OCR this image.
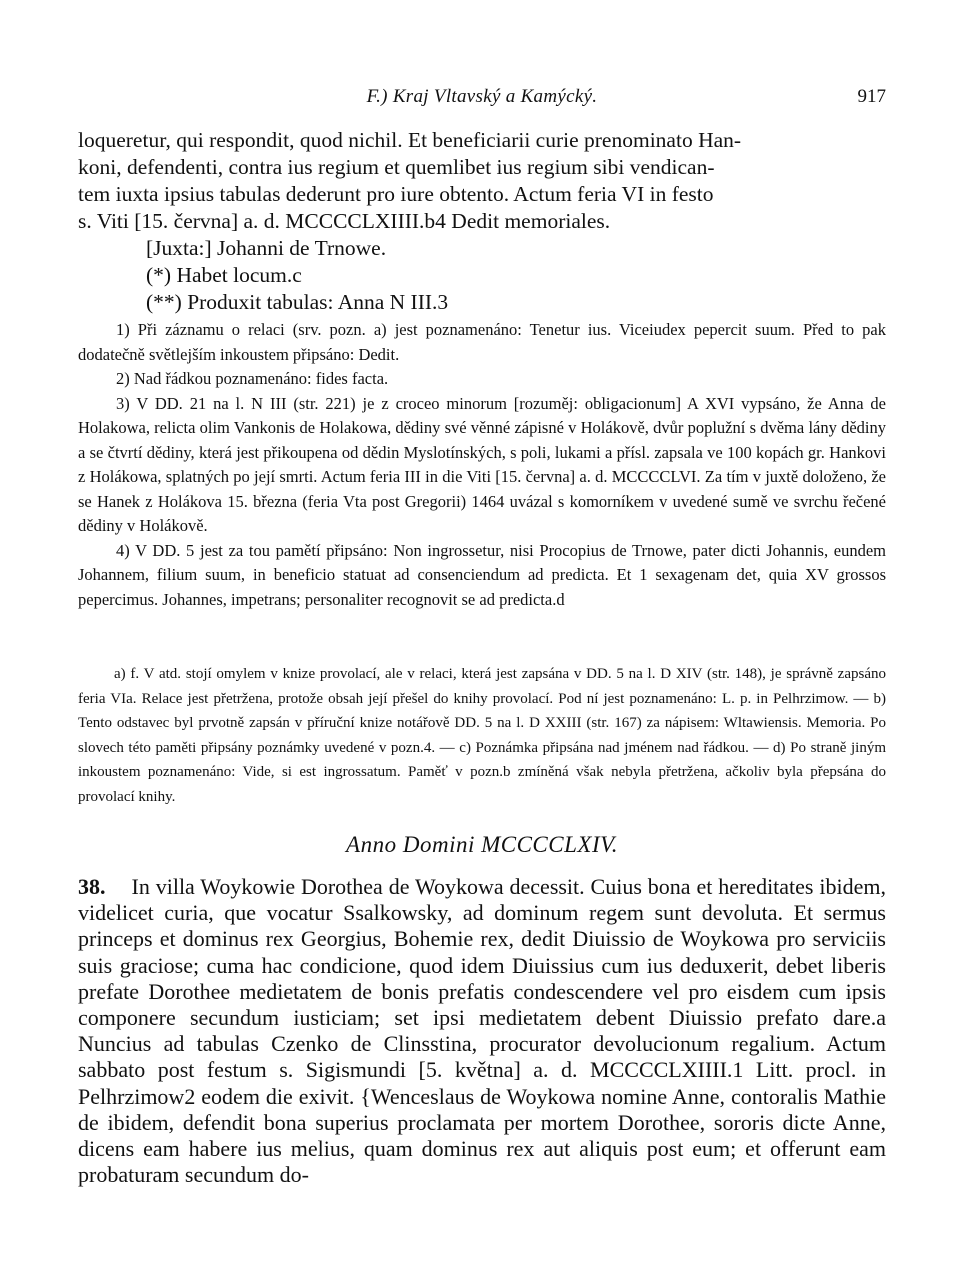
F.) Kraj Vltavský a Kamýcký.	917

loqueretur, qui respondit, quod nichil. Et beneficiarii curie prenominato Han-

koni, defendenti, contra ius regium et quemlibet ius regium sibi vendican-

tem iuxta ipsius tabulas dederunt pro iure obtento. Actum feria VI in festo

s. Viti [15. června] a. d. MCCCCLXIIII.b4 Dedit memoriales.

[Juxta:] Johanni de Trnowe.

(*) Habet locum.c

(**) Produxit tabulas: Anna N III.3

1) Při záznamu o relaci (srv. pozn. a) jest poznamenáno: Tenetur ius. Viceiudex pepercit suum. Před to pak dodatečně světlejším inkoustem připsáno: Dedit.

2) Nad řádkou poznamenáno: fides facta.

3) V DD. 21 na l. N III (str. 221) je z croceo minorum [rozuměj: obligacionum] A XVI vypsáno, že Anna de Holakowa, relicta olim Vankonis de Holakowa, dědiny své věnné zápisné v Holákově, dvůr poplužní s dvěma lány dědiny a se čtvrtí dědiny, která jest přikoupena od dědin Myslotínských, s poli, lukami a přísl. zapsala ve 100 kopách gr. Hankovi z Holákowa, splatných po její smrti. Actum feria III in die Viti [15. června] a. d. MCCCCLVI. Za tím v juxtě doloženo, že se Hanek z Holákova 15. března (feria Vta post Gregorii) 1464 uvázal s komorníkem v uvedené sumě ve svrchu řečené dědiny v Holákově.

4) V DD. 5 jest za tou pamětí připsáno: Non ingrossetur, nisi Procopius de Trnowe, pater dicti Johannis, eundem Johannem, filium suum, in beneficio statuat ad consenciendum ad predicta. Et 1 sexagenam det, quia XV grossos pepercimus. Johannes, impetrans; personaliter recognovit se ad predicta.d

a) f. V atd. stojí omylem v knize provolací, ale v relaci, která jest zapsána v DD. 5 na l. D XIV (str. 148), je správně zapsáno feria VIa. Relace jest přetržena, protože obsah její přešel do knihy provolací. Pod ní jest poznamenáno: L. p. in Pelhrzimow. — b) Tento odstavec byl prvotně zapsán v příruční knize notářově DD. 5 na l. D XXIII (str. 167) za nápisem: Wltawiensis. Memoria. Po slovech této paměti připsány poznámky uvedené v pozn.4. — c) Poznámka připsána nad jménem nad řádkou. — d) Po straně jiným inkoustem poznamenáno: Vide, si est ingrossatum. Paměť v pozn.b zmíněná však nebyla přetržena, ačkoliv byla přepsána do provolací knihy.

Anno Domini MCCCCLXIV.

38. In villa Woykowie Dorothea de Woykowa decessit. Cuius bona et hereditates ibidem, videlicet curia, que vocatur Ssalkowsky, ad dominum regem sunt devoluta. Et sermus princeps et dominus rex Georgius, Bohemie rex, dedit Diuissio de Woykowa pro serviciis suis graciose; cuma hac condicione, quod idem Diuissius cum ius deduxerit, debet liberis prefate Dorothee medietatem de bonis prefatis condescendere vel pro eisdem cum ipsis componere secundum iusticiam; set ipsi medietatem debent Diuissio prefato dare.a Nuncius ad tabulas Czenko de Clinsstina, procurator devolucionum regalium. Actum sabbato post festum s. Sigismundi [5. května] a. d. MCCCCLXIIII.1 Litt. procl. in Pelhrzimow2 eodem die exivit. {Wenceslaus de Woykowa nomine Anne, contoralis Mathie de ibidem, defendit bona superius proclamata per mortem Dorothee, sororis dicte Anne, dicens eam habere ius melius, quam dominus rex aut aliquis post eum; et offerunt eam probaturam secundum do-
